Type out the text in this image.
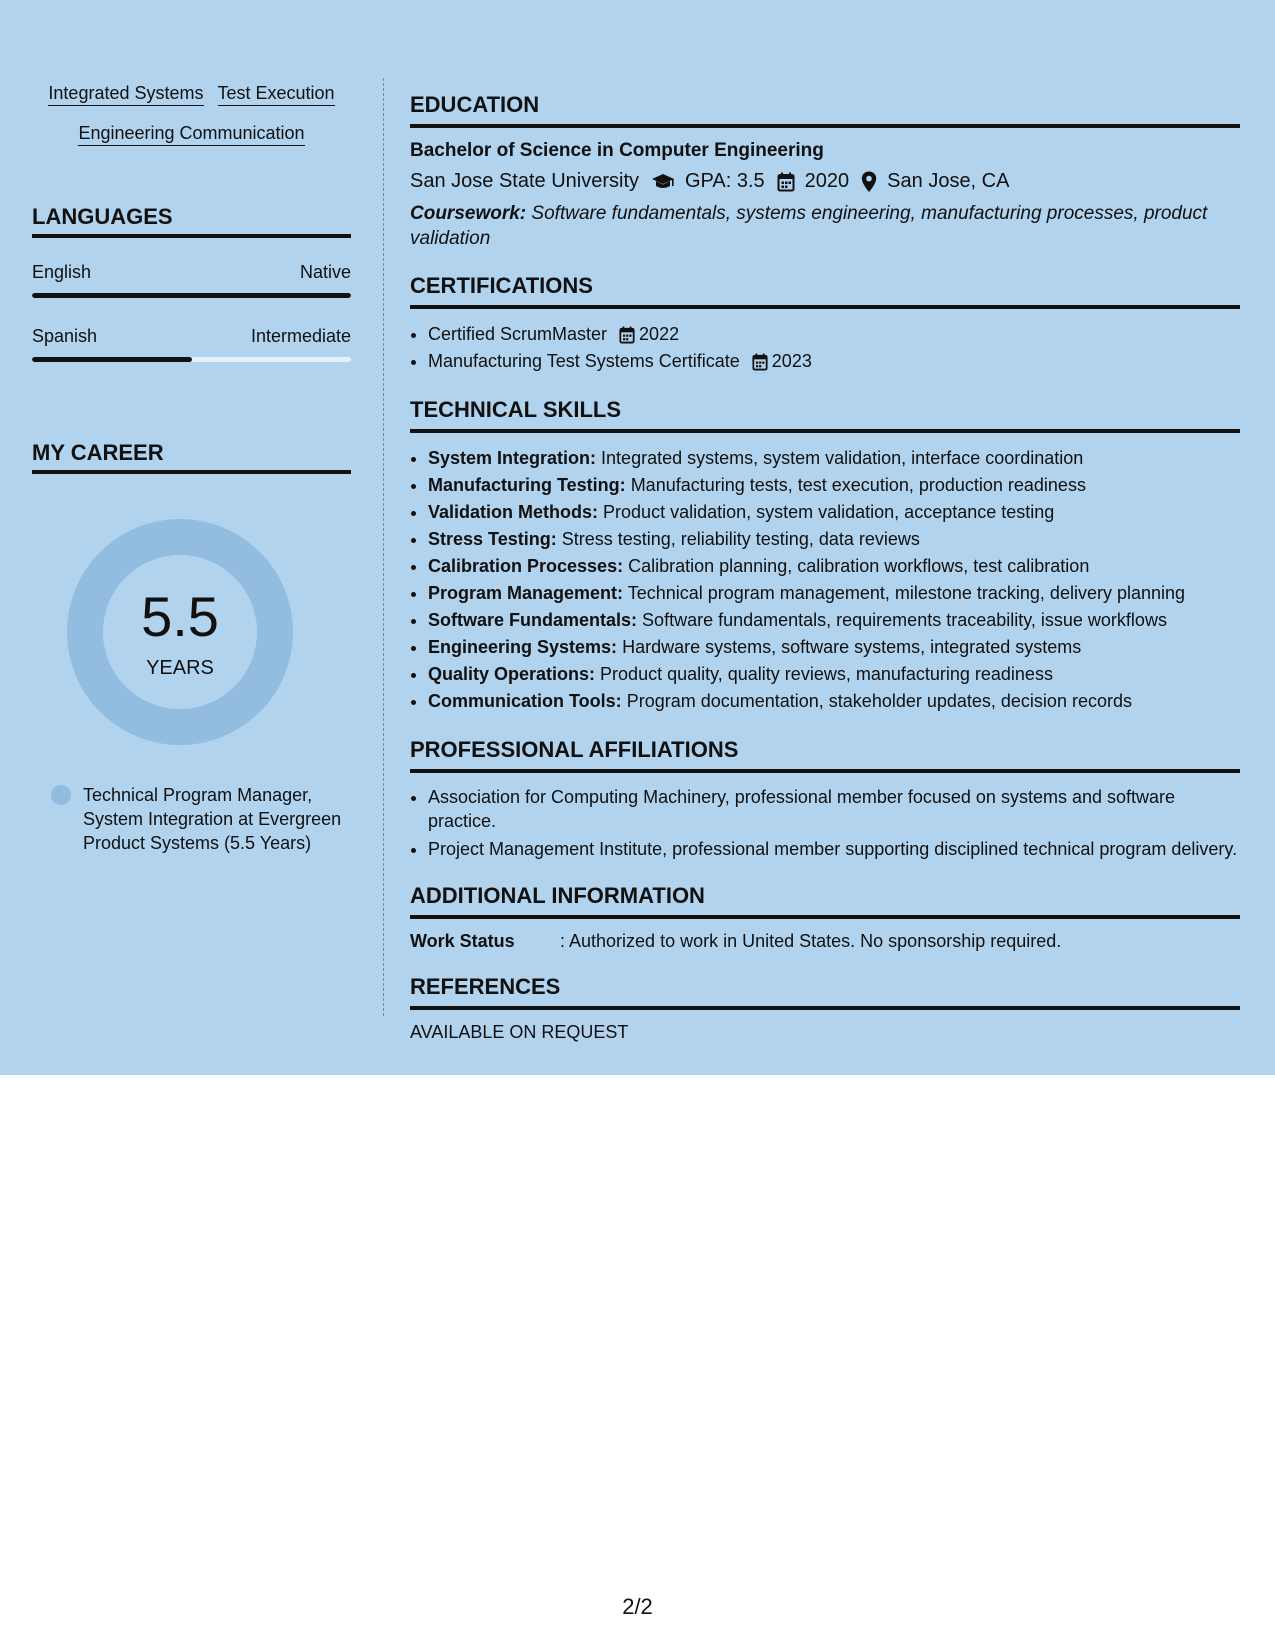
Integrated Systems Test Execution
Engineering Communication
LANGUAGES
English	Native
Spanish	Intermediate
MY CAREER
5.5
YEARS
Technical Program Manager, System Integration at Evergreen Product Systems (5.5 Years)
EDUCATION
Bachelor of Science in Computer Engineering
San Jose State University GPA: 3.5 2020 San Jose, CA
Coursework: Software fundamentals, systems engineering, manufacturing processes, product validation
CERTIFICATIONS
• Certified ScrumMaster 2022
• Manufacturing Test Systems Certificate 2023
TECHNICAL SKILLS
• System Integration: Integrated systems, system validation, interface coordination
• Manufacturing Testing: Manufacturing tests, test execution, production readiness
• Validation Methods: Product validation, system validation, acceptance testing
• Stress Testing: Stress testing, reliability testing, data reviews
• Calibration Processes: Calibration planning, calibration workflows, test calibration
• Program Management: Technical program management, milestone tracking, delivery planning
• Software Fundamentals: Software fundamentals, requirements traceability, issue workflows
• Engineering Systems: Hardware systems, software systems, integrated systems
• Quality Operations: Product quality, quality reviews, manufacturing readiness
• Communication Tools: Program documentation, stakeholder updates, decision records
PROFESSIONAL AFFILIATIONS
• Association for Computing Machinery, professional member focused on systems and software practice.
• Project Management Institute, professional member supporting disciplined technical program delivery.
ADDITIONAL INFORMATION
Work Status	: Authorized to work in United States. No sponsorship required.
REFERENCES
AVAILABLE ON REQUEST
2/2
